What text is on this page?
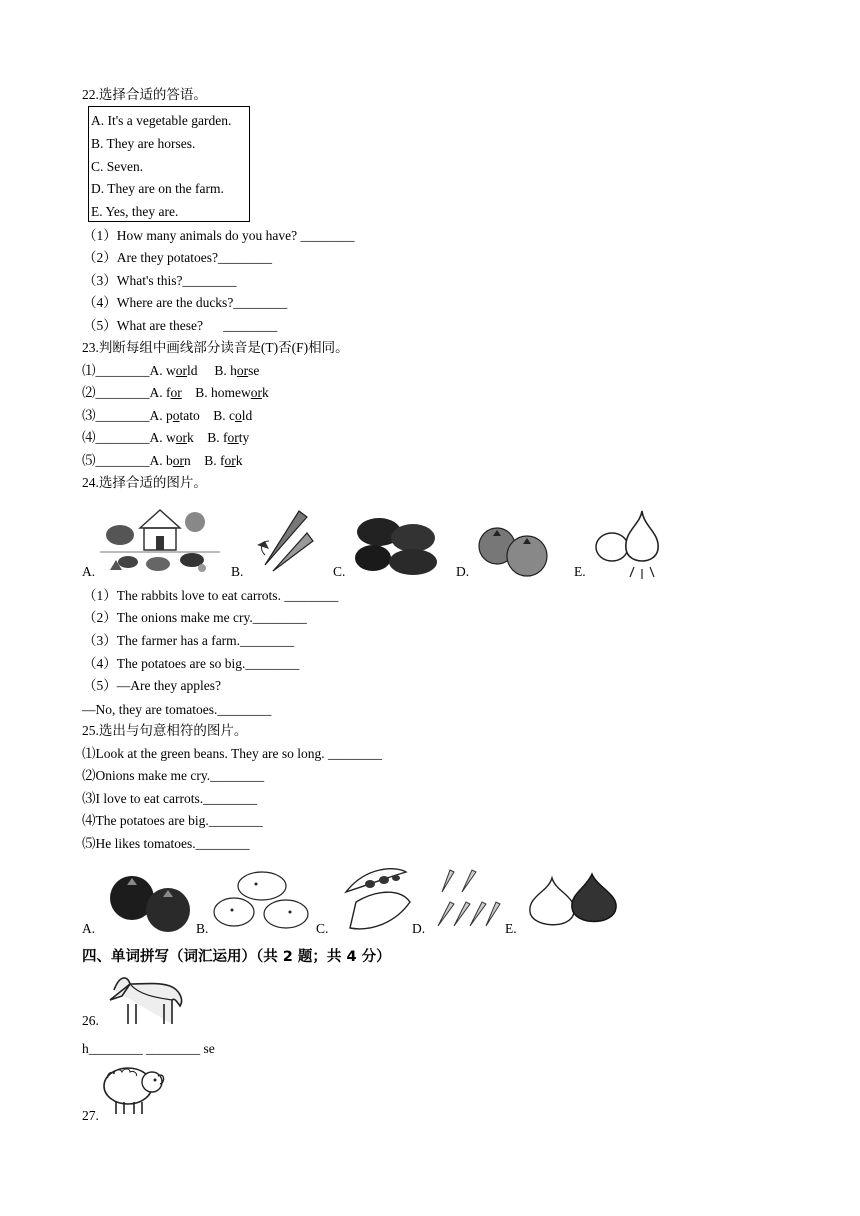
22.选择合适的答语。
A. It's a vegetable garden.
B. They are horses.
C. Seven.
D. They are on the farm.
E. Yes, they are.
（1）How many animals do you have? ________
（2）Are they potatoes?________
（3）What's this?________
（4）Where are the ducks?________
（5）What are these?      ________
23.判断每组中画线部分读音是(T)否(F)相同。
⑴________A. world B. horse
⑵________A. for B. homework
⑶________A. potato B. cold
⑷________A. work B. forty
⑸________A. born B. fork
24.选择合适的图片。
A.	B.	C.	D.	E.
（1）The rabbits love to eat carrots. ________
（2）The onions make me cry.________
（3）The farmer has a farm.________
（4）The potatoes are so big.________
（5）—Are they apples?
—No, they are tomatoes.________
25.选出与句意相符的图片。
⑴Look at the green beans. They are so long. ________
⑵Onions make me cry.________
⑶I love to eat carrots.________
⑷The potatoes are big.________
⑸He likes tomatoes.________
A.	B.	C.	D.	E.
四、单词拼写（词汇运用）（共 2 题；共 4 分）
26.
h________ ________ se
27.
